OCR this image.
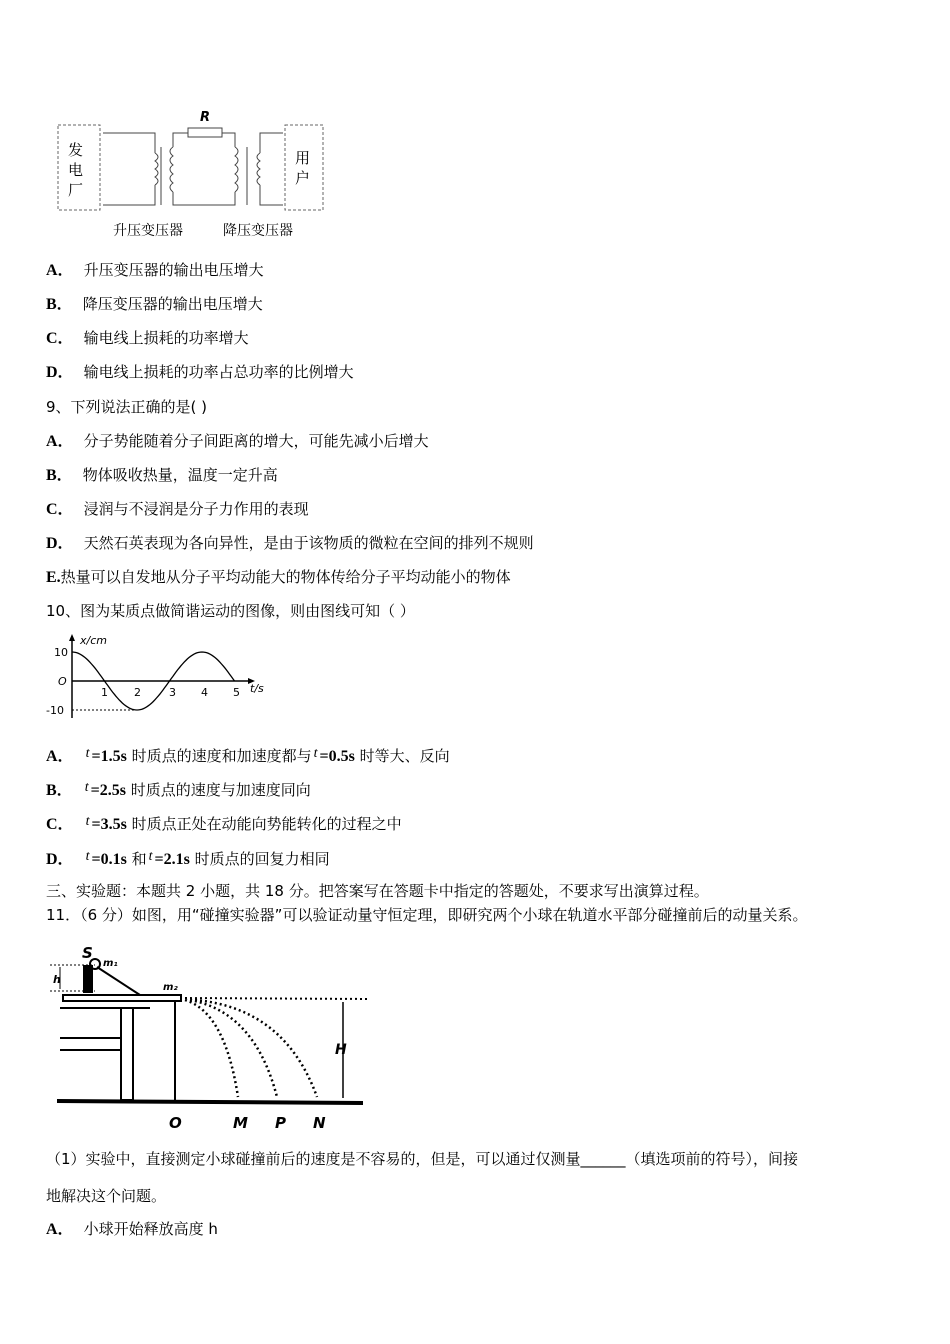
R
发
电
厂
用
户
升压变压器	降压变压器
A． 升压变压器的输出电压增大
B． 降压变压器的输出电压增大
C． 输电线上损耗的功率增大
D． 输电线上损耗的功率占总功率的比例增大
9、下列说法正确的是( )
A． 分子势能随着分子间距离的增大，可能先减小后增大
B． 物体吸收热量，温度一定升高
C． 浸润与不浸润是分子力作用的表现
D． 天然石英表现为各向异性，是由于该物质的微粒在空间的排列不规则
E.热量可以自发地从分子平均动能大的物体传给分子平均动能小的物体
10、图为某质点做简谐运动的图像，则由图线可知（ ）
x/cm
10
O
-10
1 2	3 4 5 t/s
A． t =1.5s 时质点的速度和加速度都与 t =0.5s 时等大、反向
B． t =2.5s 时质点的速度与加速度同向
C． t =3.5s 时质点正处在动能向势能转化的过程之中
D． t =0.1s 和 t =2.1s 时质点的回复力相同
三、实验题：本题共 2 小题，共 18 分。把答案写在答题卡中指定的答题处，不要求写出演算过程。
11．（6 分）如图，用“碰撞实验器”可以验证动量守恒定理，即研究两个小球在轨道水平部分碰撞前后的动量关系。
S
h
m₁
m₂
H
O	M P N
（1）实验中，直接测定小球碰撞前后的速度是不容易的，但是，可以通过仅测量______（填选项前的符号），间接
地解决这个问题。
A． 小球开始释放高度 h
